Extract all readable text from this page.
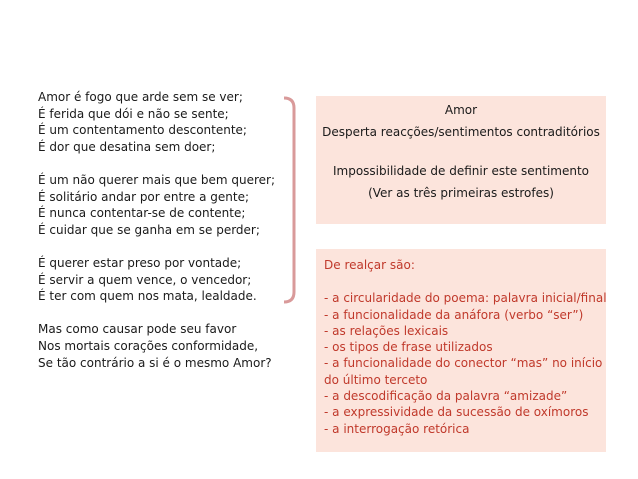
Amor é fogo que arde sem se ver;
É ferida que dói e não se sente;
É um contentamento descontente;
É dor que desatina sem doer;
É um não querer mais que bem querer;
É solitário andar por entre a gente;
É nunca contentar-se de contente;
É cuidar que se ganha em se perder;
É querer estar preso por vontade;
É servir a quem vence, o vencedor;
É ter com quem nos mata, lealdade.
Mas como causar pode seu favor
Nos mortais corações conformidade,
Se tão contrário a si é o mesmo Amor?
Amor
Desperta reacções/sentimentos contraditórios
Impossibilidade de definir este sentimento
(Ver as três primeiras estrofes)
De realçar são:
- a circularidade do poema: palavra inicial/final
- a funcionalidade da anáfora (verbo “ser”)
- as relações lexicais
- os tipos de frase utilizados
- a funcionalidade do conector “mas” no início
do último terceto
- a descodificação da palavra “amizade”
- a expressividade da sucessão de oxímoros
- a interrogação retórica
